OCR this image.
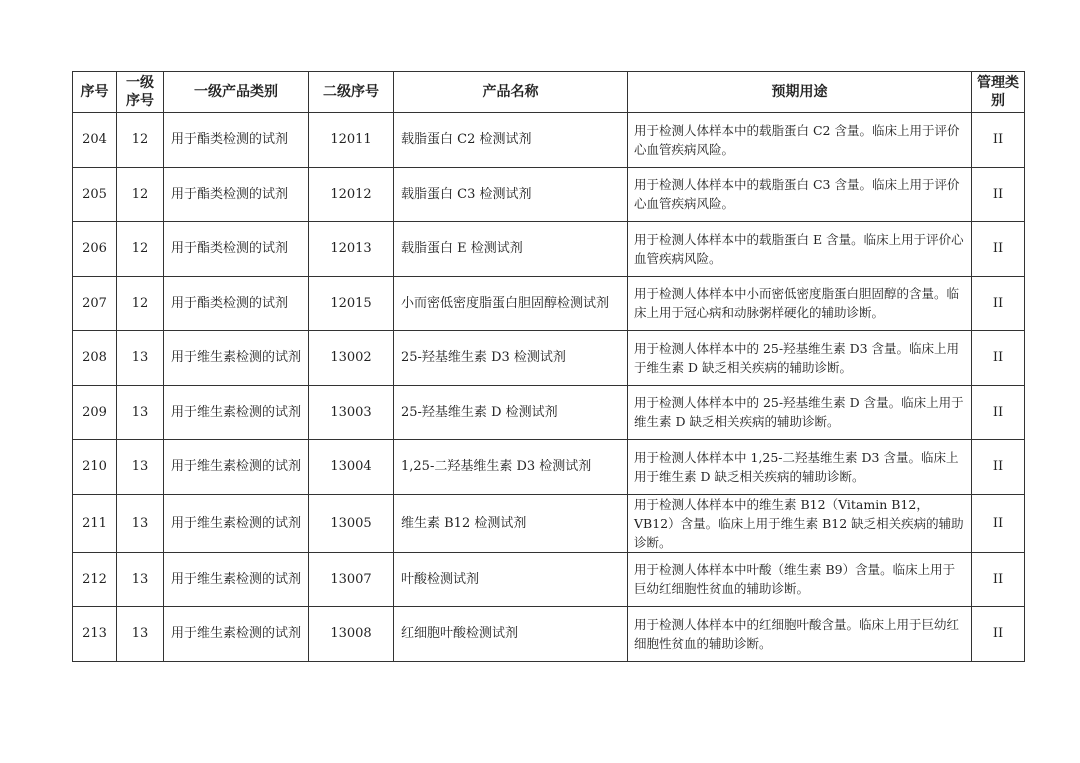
序号	一级序号	一级产品类别	二级序号	产品名称	预期用途	管理类别
204	12	用于酯类检测的试剂	12011	载脂蛋白 C2 检测试剂	用于检测人体样本中的载脂蛋白 C2 含量。临床上用于评价心血管疾病风险。	II
205	12	用于酯类检测的试剂	12012	载脂蛋白 C3 检测试剂	用于检测人体样本中的载脂蛋白 C3 含量。临床上用于评价心血管疾病风险。	II
206	12	用于酯类检测的试剂	12013	载脂蛋白 E 检测试剂	用于检测人体样本中的载脂蛋白 E 含量。临床上用于评价心血管疾病风险。	II
207	12	用于酯类检测的试剂	12015	小而密低密度脂蛋白胆固醇检测试剂	用于检测人体样本中小而密低密度脂蛋白胆固醇的含量。临床上用于冠心病和动脉粥样硬化的辅助诊断。	II
208	13	用于维生素检测的试剂	13002	25-羟基维生素 D3 检测试剂	用于检测人体样本中的 25-羟基维生素 D3 含量。临床上用于维生素 D 缺乏相关疾病的辅助诊断。	II
209	13	用于维生素检测的试剂	13003	25-羟基维生素 D 检测试剂	用于检测人体样本中的 25-羟基维生素 D 含量。临床上用于维生素 D 缺乏相关疾病的辅助诊断。	II
210	13	用于维生素检测的试剂	13004	1,25-二羟基维生素 D3 检测试剂	用于检测人体样本中 1,25-二羟基维生素 D3 含量。临床上用于维生素 D 缺乏相关疾病的辅助诊断。	II
211	13	用于维生素检测的试剂	13005	维生素 B12 检测试剂	用于检测人体样本中的维生素 B12（Vitamin B12，VB12）含量。临床上用于维生素 B12 缺乏相关疾病的辅助诊断。	II
212	13	用于维生素检测的试剂	13007	叶酸检测试剂	用于检测人体样本中叶酸（维生素 B9）含量。临床上用于巨幼红细胞性贫血的辅助诊断。	II
213	13	用于维生素检测的试剂	13008	红细胞叶酸检测试剂	用于检测人体样本中的红细胞叶酸含量。临床上用于巨幼红细胞性贫血的辅助诊断。	II
